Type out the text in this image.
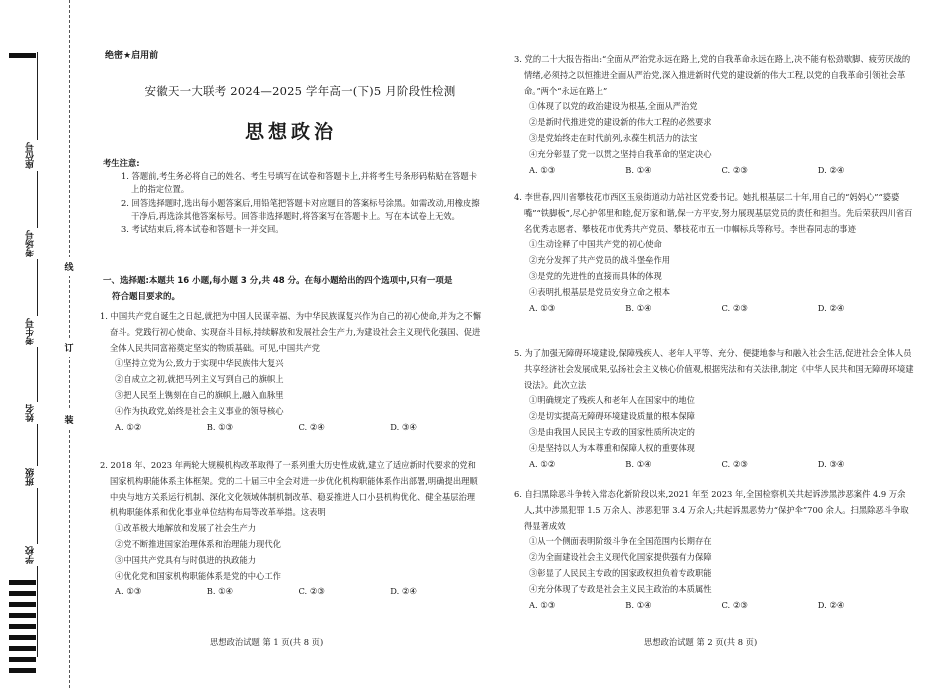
座位号
考场号
考生号
姓名
班级
学校
线
订
装
绝密★启用前
安徽天一大联考 2024—2025 学年高一(下)5 月阶段性检测
思想政治
考生注意:
1. 答题前,考生务必将自己的姓名、考生号填写在试卷和答题卡上,并将考生号条形码粘贴在答题卡上的指定位置。
2. 回答选择题时,选出每小题答案后,用铅笔把答题卡对应题目的答案标号涂黑。如需改动,用橡皮擦干净后,再选涂其他答案标号。回答非选择题时,将答案写在答题卡上。写在本试卷上无效。
3. 考试结束后,将本试卷和答题卡一并交回。
一、选择题:本题共 16 小题,每小题 3 分,共 48 分。在每小题给出的四个选项中,只有一项是
符合题目要求的。
1. 中国共产党自诞生之日起,就把为中国人民谋幸福、为中华民族谋复兴作为自己的初心使命,并为之不懈奋斗。党践行初心使命、实现奋斗目标,持续解放和发展社会生产力,为建设社会主义现代化强国、促进全体人民共同富裕奠定坚实的物质基础。可见,中国共产党
①坚持立党为公,致力于实现中华民族伟大复兴
②自成立之初,就把马列主义写到自己的旗帜上
③把人民至上镌刻在自己的旗帜上,融入血脉里
④作为执政党,始终是社会主义事业的领导核心
A. ①②	B. ①③	C. ②④	D. ③④
2. 2018 年、2023 年两轮大规模机构改革取得了一系列重大历史性成就,建立了适应新时代要求的党和国家机构职能体系主体框架。党的二十届三中全会对进一步优化机构职能体系作出部署,明确提出理顺中央与地方关系运行机制、深化文化领域体制机制改革、稳妥推进人口小县机构优化、健全基层治理机构职能体系和优化事业单位结构布局等改革举措。这表明
①改革极大地解放和发展了社会生产力
②党不断推进国家治理体系和治理能力现代化
③中国共产党具有与时俱进的执政能力
④优化党和国家机构职能体系是党的中心工作
A. ①③	B. ①④	C. ②③	D. ②④
思想政治试题 第 1 页(共 8 页)
3. 党的二十大报告指出:“全面从严治党永远在路上,党的自我革命永远在路上,决不能有松劲歇脚、疲劳厌战的情绪,必须持之以恒推进全面从严治党,深入推进新时代党的建设新的伟大工程,以党的自我革命引领社会革命。”两个“永远在路上”
①体现了以党的政治建设为根基,全面从严治党
②是新时代推进党的建设新的伟大工程的必然要求
③是党始终走在时代前列,永葆生机活力的法宝
④充分彰显了党一以贯之坚持自我革命的坚定决心
A. ①③	B. ①④	C. ②③	D. ②④
4. 李世春,四川省攀枝花市西区玉泉街道动力站社区党委书记。她扎根基层二十年,用自己的“妈妈心”“婆婆嘴”“铁脚板”,尽心护邻里和睦,促万家和谐,保一方平安,努力展现基层党员的责任和担当。先后荣获四川省百名优秀志愿者、攀枝花市优秀共产党员、攀枝花市五一巾帼标兵等称号。李世春同志的事迹
①生动诠释了中国共产党的初心使命
②充分发挥了共产党员的战斗堡垒作用
③是党的先进性的直接而具体的体现
④表明扎根基层是党员安身立命之根本
A. ①③	B. ①④	C. ②③	D. ②④
5. 为了加强无障碍环境建设,保障残疾人、老年人平等、充分、便捷地参与和融入社会生活,促进社会全体人员共享经济社会发展成果,弘扬社会主义核心价值观,根据宪法和有关法律,制定《中华人民共和国无障碍环境建设法》。此次立法
①明确规定了残疾人和老年人在国家中的地位
②是切实提高无障碍环境建设质量的根本保障
③是由我国人民民主专政的国家性质所决定的
④是坚持以人为本尊重和保障人权的重要体现
A. ①②	B. ①④	C. ②③	D. ③④
6. 自扫黑除恶斗争转入常态化新阶段以来,2021 年至 2023 年,全国检察机关共起诉涉黑涉恶案件 4.9 万余人,其中涉黑犯罪 1.5 万余人、涉恶犯罪 3.4 万余人;共起诉黑恶势力“保护伞”700 余人。扫黑除恶斗争取得显著成效
①从一个侧面表明阶级斗争在全国范围内长期存在
②为全面建设社会主义现代化国家提供强有力保障
③彰显了人民民主专政的国家政权担负着专政职能
④充分体现了专政是社会主义民主政治的本质属性
A. ①③	B. ①④	C. ②③	D. ②④
思想政治试题 第 2 页(共 8 页)
